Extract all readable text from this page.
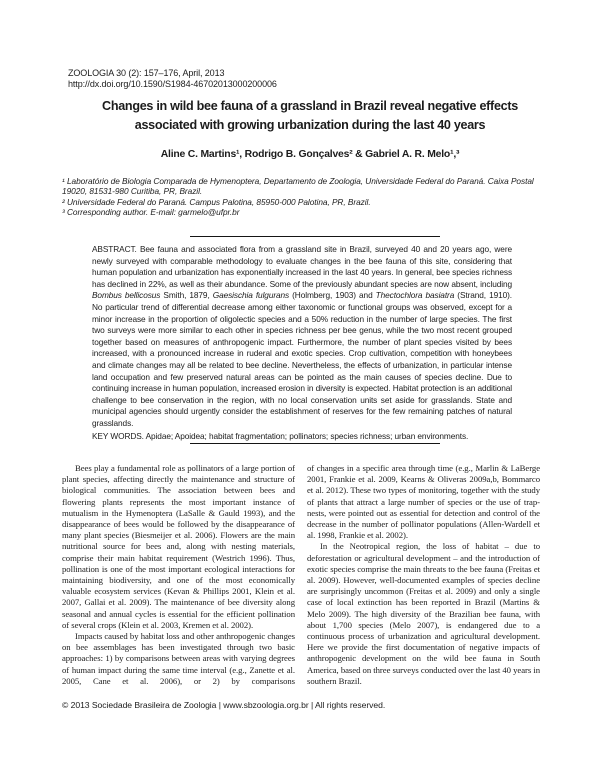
ZOOLOGIA 30 (2): 157–176, April, 2013
http://dx.doi.org/10.1590/S1984-46702013000200006
Changes in wild bee fauna of a grassland in Brazil reveal negative effects
associated with growing urbanization during the last 40 years
Aline C. Martins¹, Rodrigo B. Gonçalves² & Gabriel A. R. Melo¹,³
¹ Laboratório de Biologia Comparada de Hymenoptera, Departamento de Zoologia, Universidade Federal do Paraná. Caixa Postal 19020, 81531-980 Curitiba, PR, Brazil.
² Universidade Federal do Paraná. Campus Palotina, 85950-000 Palotina, PR, Brazil.
³ Corresponding author. E-mail: garmelo@ufpr.br

ABSTRACT. Bee fauna and associated flora from a grassland site in Brazil, surveyed 40 and 20 years ago, were newly surveyed with comparable methodology to evaluate changes in the bee fauna of this site, considering that human population and urbanization has exponentially increased in the last 40 years. In general, bee species richness has declined in 22%, as well as their abundance. Some of the previously abundant species are now absent, including Bombus bellicosus Smith, 1879, Gaesischia fulgurans (Holmberg, 1903) and Thectochlora basiatra (Strand, 1910). No particular trend of differential decrease among either taxonomic or functional groups was observed, except for a minor increase in the proportion of oligolectic species and a 50% reduction in the number of large species. The first two surveys were more similar to each other in species richness per bee genus, while the two most recent grouped together based on measures of anthropogenic impact. Furthermore, the number of plant species visited by bees increased, with a pronounced increase in ruderal and exotic species. Crop cultivation, competition with honeybees and climate changes may all be related to bee decline. Nevertheless, the effects of urbanization, in particular intense land occupation and few preserved natural areas can be pointed as the main causes of species decline. Due to continuing increase in human population, increased erosion in diversity is expected. Habitat protection is an additional challenge to bee conservation in the region, with no local conservation units set aside for grasslands. State and municipal agencies should urgently consider the establishment of reserves for the few remaining patches of natural grasslands.

KEY WORDS. Apidae; Apoidea; habitat fragmentation; pollinators; species richness; urban environments.

Bees play a fundamental role as pollinators of a large portion of plant species, affecting directly the maintenance and structure of biological communities. The association between bees and flowering plants represents the most important instance of mutualism in the Hymenoptera (LaSalle & Gauld 1993), and the disappearance of bees would be followed by the disappearance of many plant species (Biesmeijer et al. 2006). Flowers are the main nutritional source for bees and, along with nesting materials, comprise their main habitat requirement (Westrich 1996). Thus, pollination is one of the most important ecological interactions for maintaining biodiversity, and one of the most economically valuable ecosystem services (Kevan & Phillips 2001, Klein et al. 2007, Gallai et al. 2009). The maintenance of bee diversity along seasonal and annual cycles is essential for the efficient pollination of several crops (Klein et al. 2003, Kremen et al. 2002).

Impacts caused by habitat loss and other anthropogenic changes on bee assemblages has been investigated through two basic approaches: 1) by comparisons between areas with varying degrees of human impact during the same time interval (e.g., Zanette et al. 2005, Cane et al. 2006), or 2) by comparisons

of changes in a specific area through time (e.g., Marlin & LaBerge 2001, Frankie et al. 2009, Kearns & Oliveras 2009a,b, Bommarco et al. 2012). These two types of monitoring, together with the study of plants that attract a large number of species or the use of trap-nests, were pointed out as essential for detection and control of the decrease in the number of pollinator populations (Allen-Wardell et al. 1998, Frankie et al. 2002).

In the Neotropical region, the loss of habitat – due to deforestation or agricultural development – and the introduction of exotic species comprise the main threats to the bee fauna (Freitas et al. 2009). However, well-documented examples of species decline are surprisingly uncommon (Freitas et al. 2009) and only a single case of local extinction has been reported in Brazil (Martins & Melo 2009). The high diversity of the Brazilian bee fauna, with about 1,700 species (Melo 2007), is endangered due to a continuous process of urbanization and agricultural development. Here we provide the first documentation of negative impacts of anthropogenic development on the wild bee fauna in South America, based on three surveys conducted over the last 40 years in southern Brazil.

© 2013 Sociedade Brasileira de Zoologia | www.sbzoologia.org.br | All rights reserved.
